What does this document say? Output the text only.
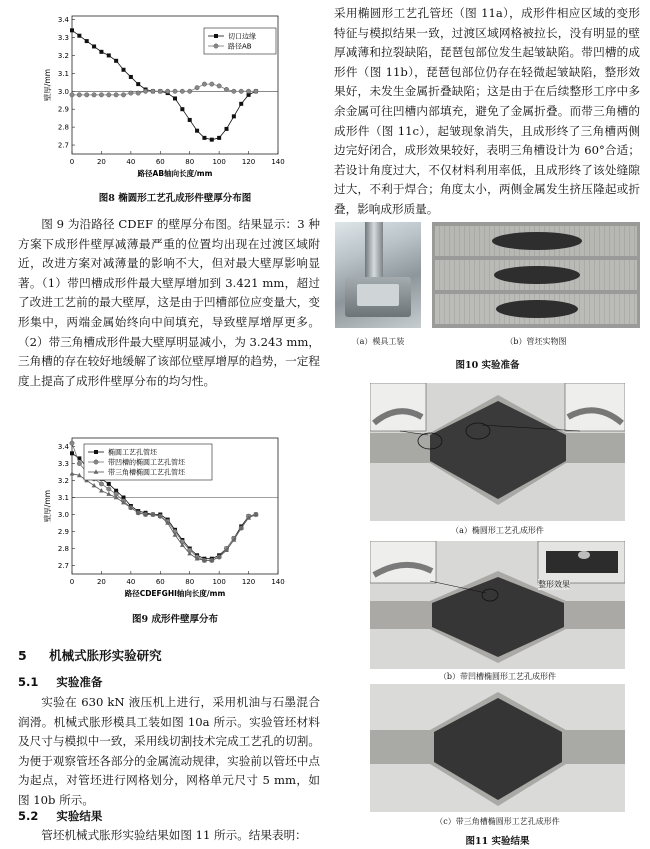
0	20	40	60	80	100 120 140
2.7
2.8
2.9
3.0
3.1
3.2
3.3
3.4
路径AB轴向长度/mm
壁厚/mm
切口边缘
路径AB
图8 椭圆形工艺孔成形件壁厚分布图

图 9 为沿路径 CDEF 的壁厚分布图。结果显示：3 种方案下成形件壁厚减薄最严重的位置均出现在过渡区域附近，改进方案对减薄量的影响不大，但对最大壁厚影响显著。（1）带凹槽成形件最大壁厚增加到 3.421 mm，超过了改进工艺前的最大壁厚，这是由于凹槽部位应变量大，变形集中，两端金属始终向中间填充，导致壁厚增厚更多。（2）带三角槽成形件最大壁厚明显减小，为 3.243 mm，三角槽的存在较好地缓解了该部位壁厚增厚的趋势，一定程度上提高了成形件壁厚分布的均匀性。

0	20	40	60	80	100 120 140
2.7
2.8
2.9
3.0
3.1
3.2
3.3
3.4
路径CDEFGHI轴向长度/mm
壁厚/mm
椭圆工艺孔管坯
带凹槽的椭圆工艺孔管坯
带三角槽椭圆工艺孔管坯
图9 成形件壁厚分布
5 机械式胀形实验研究
5.1 实验准备

实验在 630 kN 液压机上进行，采用机油与石墨混合润滑。机械式胀形模具工装如图 10a 所示。实验管坯材料及尺寸与模拟中一致，采用线切割技术完成工艺孔的切割。为便于观察管坯各部分的金属流动规律，实验前以管坯中点为起点，对管坯进行网格划分，网格单元尺寸 5 mm，如图 10b 所示。

5.2 实验结果

管坯机械式胀形实验结果如图 11 所示。结果表明：

采用椭圆形工艺孔管坯（图 11a），成形件相应区域的变形特征与模拟结果一致，过渡区域网格被拉长，没有明显的壁厚减薄和拉裂缺陷，琵琶包部位发生起皱缺陷。带凹槽的成形件（图 11b），琵琶包部位仍存在轻微起皱缺陷，整形效果好，未发生金属折叠缺陷；这是由于在后续整形工序中多余金属可往凹槽内部填充，避免了金属折叠。而带三角槽的成形件（图 11c），起皱现象消失，且成形终了三角槽两侧边完好闭合，成形效果较好，表明三角槽设计为 60°合适；若设计角度过大，不仅材料利用率低，且成形终了该处缝隙过大，不利于焊合；角度太小，两侧金属发生挤压隆起或折叠，影响成形质量。

（a）模具工装	（b）管坯实物图
图10 实验准备
（a）椭圆形工艺孔成形件
整形效果
（b）带凹槽椭圆形工艺孔成形件
（c）带三角槽椭圆形工艺孔成形件
图11 实验结果
